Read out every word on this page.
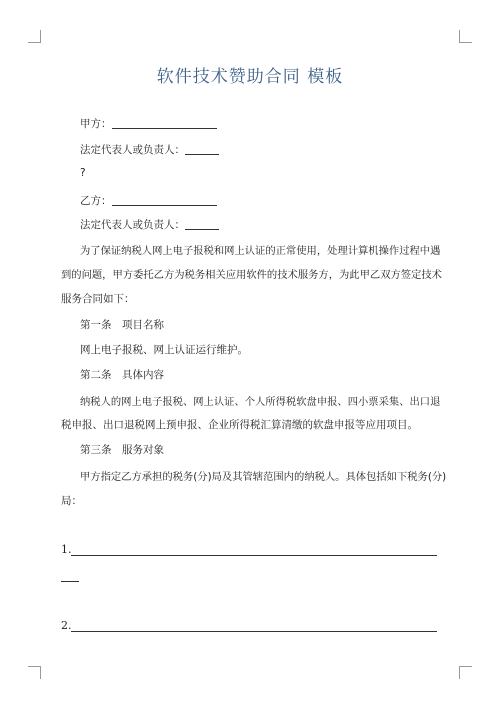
软件技术赞助合同 模板
甲方：
法定代表人或负责人：
?
乙方：
法定代表人或负责人：
为了保证纳税人网上电子报税和网上认证的正常使用，处理计算机操作过程中遇
到的问题，甲方委托乙方为税务相关应用软件的技术服务方，为此甲乙双方签定技术
服务合同如下：
第一条　项目名称
网上电子报税、网上认证运行维护。
第二条　具体内容
纳税人的网上电子报税、网上认证、个人所得税软盘申报、四小票采集、出口退
税申报、出口退税网上预申报、企业所得税汇算清缴的软盘申报等应用项目。
第三条　服务对象
甲方指定乙方承担的税务(分)局及其管辖范围内的纳税人。具体包括如下税务(分)
局：
1.
2.
